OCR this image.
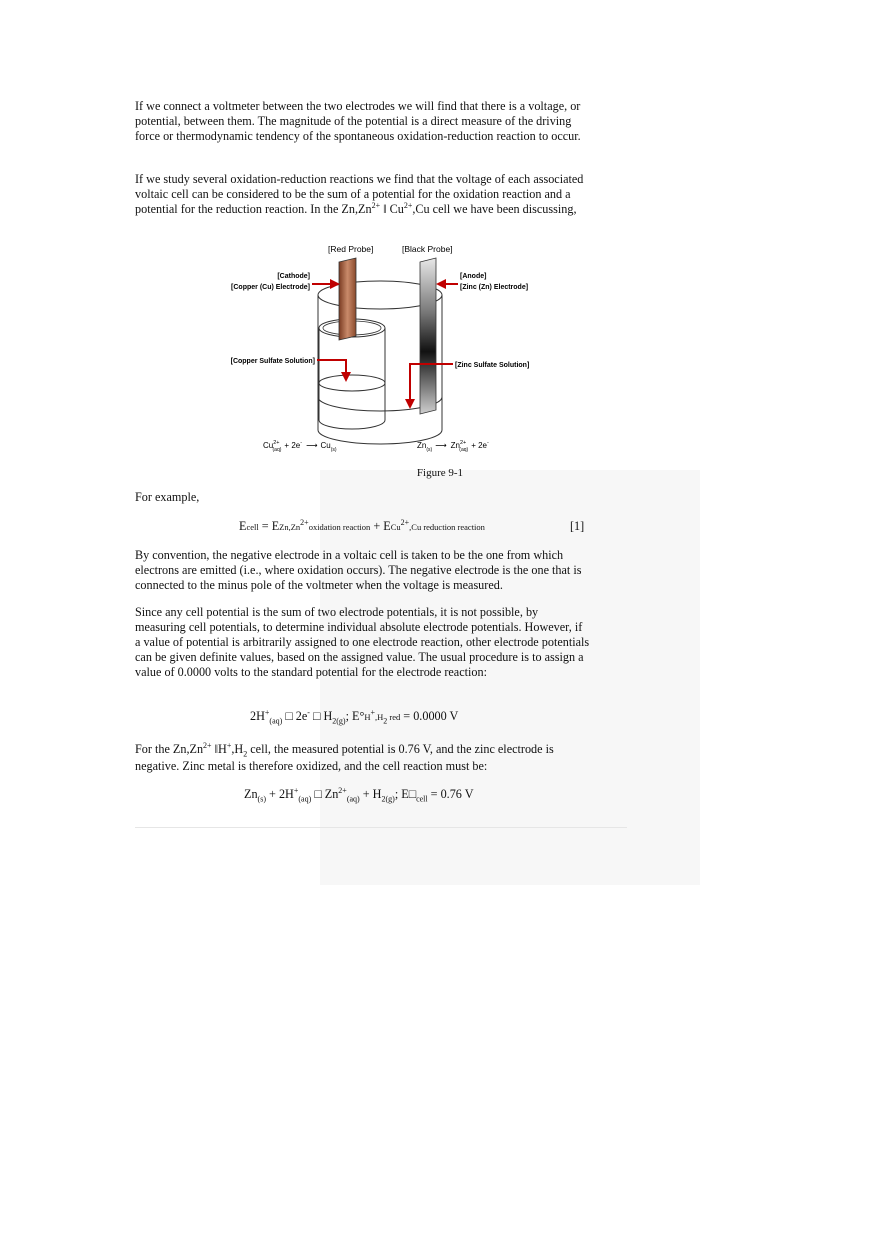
If we connect a voltmeter between the two electrodes we will find that there is a voltage, or potential, between them. The magnitude of the potential is a direct measure of the driving force or thermodynamic tendency of the spontaneous oxidation-reduction reaction to occur.

If we study several oxidation-reduction reactions we find that the voltage of each associated voltaic cell can be considered to be the sum of a potential for the oxidation reaction and a potential for the reduction reaction. In the $Zn,Zn^{2+}$ ‖ $Cu^{2+},Cu$ cell we have been discussing,

[Red Probe]	[Black Probe]
[Cathode]
[Copper (Cu) Electrode]
[Anode]
[Zinc (Zn) Electrode]
[Copper Sulfate Solution]
[Zinc Sulfate Solution]
$Cu^{2+}$ (aq) + 2e- ⟶ $Cu_{(s)}$	$Zn_{(s)}$ ⟶ $Zn^{2+}$ (aq) + 2e-

Figure 9-1

For example,

Ecell = $EZn,Zn^{2+}oxidation$ reaction + ECu$^{2+}$,Cu reduction reaction	[1]

By convention, the negative electrode in a voltaic cell is taken to be the one from which electrons are emitted (i.e., where oxidation occurs). The negative electrode is the one that is connected to the minus pole of the voltmeter when the voltage is measured.

Since any cell potential is the sum of two electrode potentials, it is not possible, by measuring cell potentials, to determine individual absolute electrode potentials. However, if a value of potential is arbitrarily assigned to one electrode reaction, other electrode potentials can be given definite values, based on the assigned value. The usual procedure is to assign a value of 0.0000 volts to the standard potential for the electrode reaction:

$2H^+_{(aq)}$ □ 2e- □ $H_{2(g)}$; $E^\circ H^+,H_2$ red = 0.0000 V

For the $Zn,Zn^{2+}$ $‖H^+,H_2$ cell, the measured potential is 0.76 V, and the zinc electrode is negative. Zinc metal is therefore oxidized, and the cell reaction must be:

$Zn_{(s)} + 2H^+_{(aq)}$ □ $Zn^{2+}_{(aq)} + H_{2(g)}$; $E□_{cell} = 0.76$ V
